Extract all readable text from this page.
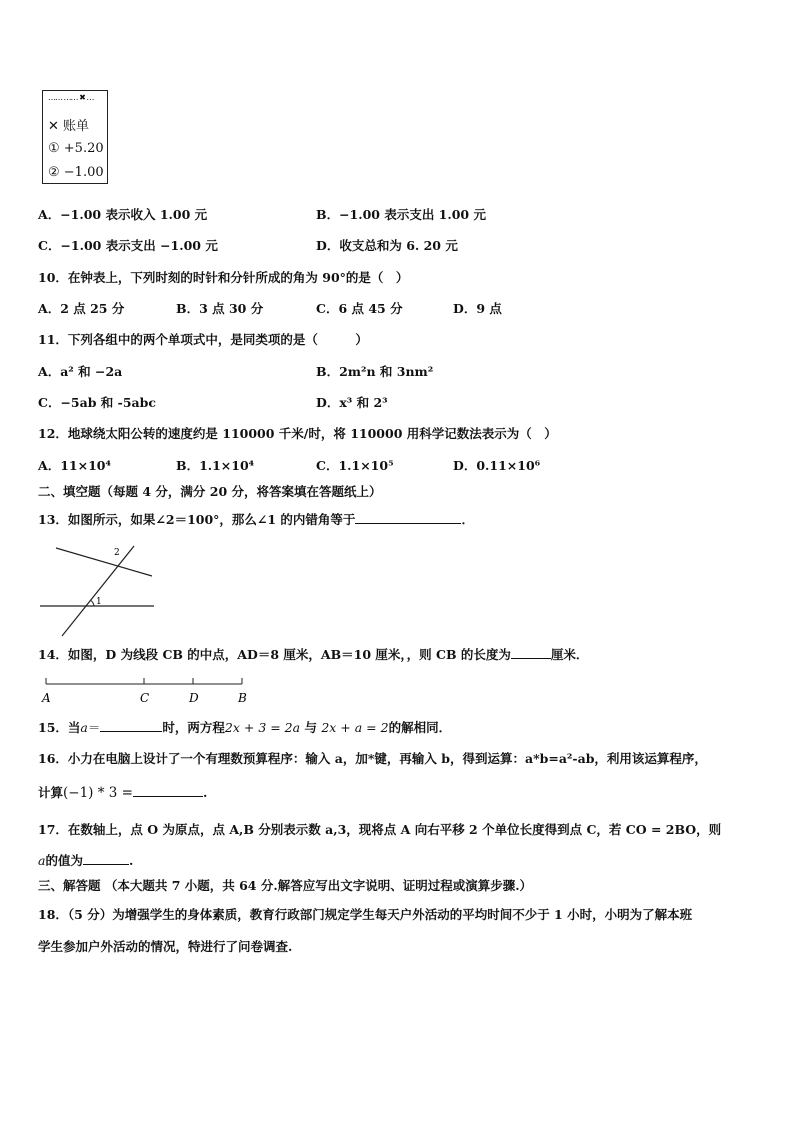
…… …… ✖ …
✕ 账单
① +5.20
② −1.00
A．−1.00 表示收入 1.00 元	B．−1.00 表示支出 1.00 元
C．−1.00 表示支出 −1.00 元	D．收支总和为 6. 20 元
10．在钟表上，下列时刻的时针和分针所成的角为 90°的是（　）
A．2 点 25 分	B．3 点 30 分	C．6 点 45 分	D．9 点
11．下列各组中的两个单项式中，是同类项的是（　　　）
A．a² 和 −2a	B．2m²n 和 3nm²
C．−5ab 和 -5abc	D．x³ 和 2³
12．地球绕太阳公转的速度约是 110000 千米/时，将 110000 用科学记数法表示为（　）
A．11×10⁴	B．1.1×10⁴	C．1.1×10⁵	D．0.11×10⁶
二、填空题（每题 4 分，满分 20 分，将答案填在答题纸上）
13．如图所示，如果∠2＝100°，那么∠1 的内错角等于	．
1
2
14．如图，D 为线段 CB 的中点，AD＝8 厘米，AB＝10 厘米，，则 CB 的长度为	厘米．
A	C	D	B
15．当a＝	时，两方程2x + 3 = 2a 与 2x + a = 2的解相同．
16．小力在电脑上设计了一个有理数预算程序：输入 a，加*键，再输入 b，得到运算：a*b=a²-ab，利用该运算程序，
计算(−1) * 3 =	.
17．在数轴上，点 O 为原点，点 A,B 分别表示数 a,3，现将点 A 向右平移 2 个单位长度得到点 C，若 CO = 2BO，则
a的值为	.
三、解答题 （本大题共 7 小题，共 64 分.解答应写出文字说明、证明过程或演算步骤.）
18．（5 分）为增强学生的身体素质，教育行政部门规定学生每天户外活动的平均时间不少于 1 小时，小明为了解本班
学生参加户外活动的情况，特进行了问卷调查.
